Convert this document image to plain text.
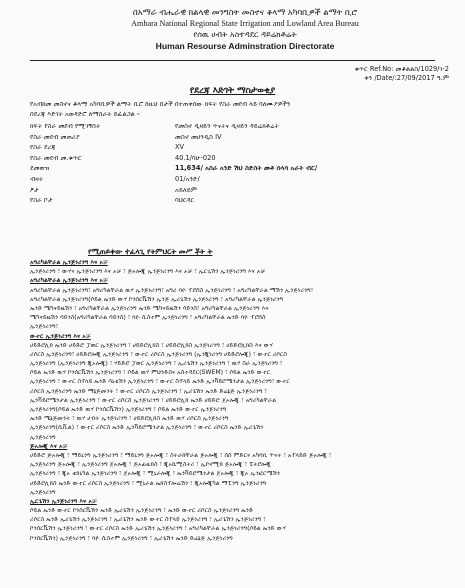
በአማራ ብሔራዊ ክልላዊ መንግስት መስኖና ቆላማ አካባቢዎች ልማት ቢሮ
Amhara National Regional State Irrigation and Lowland Area Bureau
የሰዉ ሀብት አስተዳደር ዳይሬክቶሬት
Human Resourse Adminstration Directorate
ቁጥር Ref.No: መቆልልስ/1029/ገ-2
ቀን /Date/:27/09/2017 ዓ.ም
የደረጃ እድገት ማስታወቂያ
የአብክመ መስኖና ቆላማ አካባቢዎች ልማት ቢሮ ከዚህ በታች በተጠቀሰው ክፍት የስራ መደብ ላይ ባለሙያዎችን
በደረጃ እድገት አወዳድሮ ለማስራት ይፈልጋል ፡፡
ክፍት የስራ መደብ የሚገኝበት	የመስኖ ዲዛይን ጥናትና ዲዛይን ዳይሬክቶሬት
የስራ መደብ መጠሪያ	መስኖ መሀንዲስ IV
የስራ ደረጃ	XV
የስራ መደብ መ.ቁጥር	40.1/ባሁ-020
ደመወዝ	11,634/ አስራ አንድ ሽህ ስድስት መቶ ሰላሳ አራት ብር/
ብዛት	01/አንድ/
ፆታ	አይለይም
የስራ ቦታ	ባህርዳር
የሚጠይቀው ተፈላጊ የትምህርት መሥ ቾት ት
አግሪካልቸራል ኢንጅነሪንግ እና ኦቻ
ኢንጅነሪንግ ፣ ውሃና ኢንጅነሪንግ እና ኦቻ ፣ ጅኦሎጂ ኢንጅነሪንግ እና ኦቻ ፣ ኢርጊሽን ኢንጅነሪንግ እና ኦቻ
አግሪካልቸራል ኢንጅነሪንግ እና ኦቻ
አግሪካልቸራል ኢንጅነሪንግ፣ አግሪካልቸራል ዉሃ ኢንጅነሪንግ፣ አግሪ ባዮ ፕሮሰስ ኢንጅነሪንግ ፣ አግሪካልቸራል ማሽን ኢንጅነሪንግ፣
አግሪካልቸራል ኢንጅነሪንግ(ሶይል ኤንድ ውሃ ኮንሰርቬሽን ኢንጅ ኢሪጌሽን ኢንጅነሪንግ ፣ አግሪካልቸራል ኢንጅነሪንግ
ኤንድ ሜካናይዜሽን ፣ አግሪካልቸራል ኢንጅነሪንግ ኤንድ ሜካናይዜሽን ሳይንስ፣ አግሪካልቸራል ኢንጅነሪንግ እና
ሜካናይዜሽን ሳይንስ(አግሪካልቸራል ሳይንስ) ፣ ባዮ ሲስተም ኢንጅነሪንግ ፣ አግሪካልቸራል ኤንድ ባዮ ፕሮሰስ
ኢንጅነሪንግ፣
ውተር ኢንጅነሪንግ እና ኦቻ
ሀይድሮሊክ ኤንድ ሀይድሮ ፓወር ኢንጅነሪንግ ፣ ሀይድሮሊክስ ፣ ሀይድሮሊክስ ኢንጅነሪንግ ፣ ሀይድሮሊክስ እና ውሃ
ሪሶርስ ኢንጅነሪንግ፣ ሀይድሮሎጂ ኢንጅነሪንግ ፣ ውተር ሪሶርስ ኢንጅነሪንግ (ኢንጂነሪንግ ሀይድሮሎጂ) ፣ ውተር ሪሶርስ
ኢንጅነሪንግ (ኢንጅነሪንግ ጂኦሎጂ) ፣ ሃይድሮ ፓወር ኢንጅነሪንግ ፣ ኢሪጌሽን ኢንጅነሪንግ ፣ ዉሃ ስራ ኢንጅነሪንግ ፣
ሶይል ኤንድ ዉሃ ኮንሰርቬሽን ኢንጅነሪንግ ፣ ሶይል ዉሃ ምህንድስና አስተዳደር(SWEM) ፣ ሶይል ኤንድ ውተር
ኢንጅነሪንግ ፣ ውተር ስፕላይ ኤንድ ሳኒቴሽን ኢንጅነሪንግ ፣ ውተር ስፕላይ ኤንድ ኢንቫይሮሜንታል ኢንጅነሪንግ፣ ውተር
ሪሶርስ ኢንጅነሪንግ ኤንድ ማኔጅመንት ፣ ውተር ሪሶርስ ኢንጅነሪንግ ፣ ኢሪጌሽን ኤንድ ድሬኔጅ ኢንጅነሪንግ ፣
ኢንቫይሮሜንታል ኢንጅነሪንግ ፣ ውተር ሪሶርስ ኢንጅነሪንግ ፣ ሀይድሮሊክ ኤንድ ሀይድሮ ጀኦሎጂ ፣ አግሪካልቸራል
ኢንጅነሪንግ(ሶይል ኤንድ ዉሃ ኮንሰርቬሽን) ኢንጅነሪንግ ፣ ሶይል ኤንድ ውተር ኢንጅነሪንግ
ኤንድ ሜኔጅመንት ፣ ዉሃ ሀብት ኢንጅነሪንግ ፣ ሀይድሮሊክስ ኤንድ ዉሃ ሪሶርስ ኢንጅነሪንግ
ኢንጅነሪንግ(ሲቪል) ፣ ውተር ሪሶርስ ኤንድ ኢንቫይሮሜንታል ኢንጅነሪንግ ፣ ውተር ሪሶርስ ኤንድ ኢሪጌሽን
ኢንጅነሪንግ
ጅኦሎጂ እና ኦቻ
ሀይድሮ ጅኦሎጂ ፣ ማይኒንግ ኢንጅነሪንግ ፣ ማይኒንግ ጅኦሎጂ ፣ ስትራክቸራል ጅኦሎጂ ፣ ሰስ ምድርና አካባቢ ጥናት ፣ አፕላይድ ጅኦሎጂ ፣
ኢንጅነሪንግ ጅኦሎጂ ፣ ኢንጅነሪንግ ጀኦሎጂ ፣ ጅኦፊዚክስ ፣ ጂኦኬሚስትሪ ፣ ኢኮኖሚክ ጅኦሎጂ ፣ ፔትሮሎጂ
ኢንጅነሪንግ ፣ ጂኦ ቴክኒካል ኢንጅነሪንግ ፣ ጀኦሎጂ ፣ ሚኒራሎጂ ፣ ኤንቫይሮሜንታል ጀኦሎጂ ፣ ጂኦ ኢንፎርሜሽን
ሀይድሮሊክስ ኤንድ ውተር ሪሶርስ ኢንጅነሪንግ ፣ ሚኒራል ኤክስፕሎሬሽን ፣ ጂኦሎጂካል ማፒንግ ኢንጅነሪንግ
ኢንጅነሪንግ
ኢርጌሽን ኢንጅነሪንግ እና ኦቻ
ሶይል ኤንድ ውተር ኮንሰርቬሽን ኤንድ ኢሪጌሽን ኢንጅነሪንግ ፣ ኤንድ ውተር ሪሶርስ ኢንጅነሪንግ ኤንድ
ሪሶርስ ኤንድ ኢሪጌሽን ኢንጅነሪንግ ፣ ኢሪጌሽን ኤንድ ውተር ስፕላይ ኢንጅነሪንግ ፣ ኢሪጌሽን ኢንጅነሪንግ ፣
ኮንሰርቬሽን ኢንጅነሪንግ ፣ ውተር ሪሶርስ ኤንድ ኢሪጌሽን ኢንጅነሪንግ ፣ አግሪካልቸራል ኢንጅነሪንግ(ሶይል ኤንድ ውሃ
ኮንሰርቬሽን) ኢንጅነሪንግ ፣ ባዮ ሲስተም ኢንጅነሪንግ ፣ ኢሪጌሽን ኤንድ ድሬኔጅ ኢንጅነሪንግ
